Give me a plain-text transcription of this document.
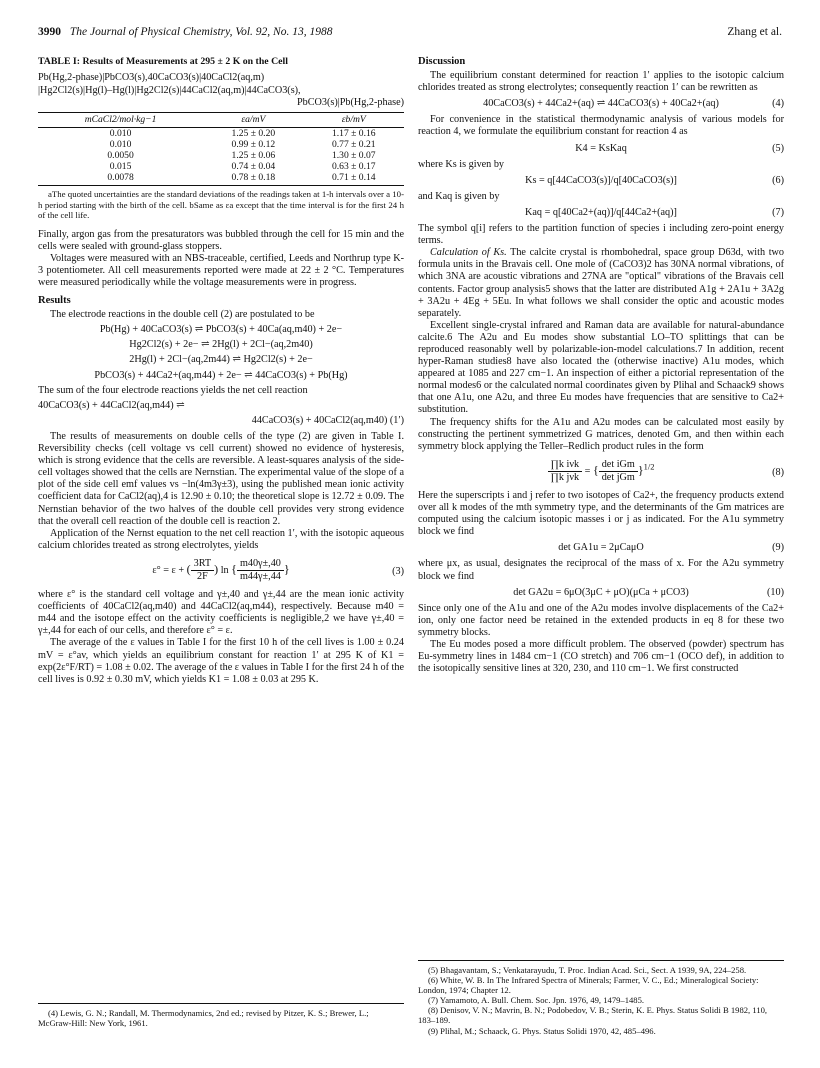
3990 The Journal of Physical Chemistry, Vol. 92, No. 13, 1988	Zhang et al.
TABLE I: Results of Measurements at 295 ± 2 K on the Cell
Pb(Hg,2-phase)|PbCO3(s),40CaCO3(s)|40CaCl2(aq,m)
|Hg2Cl2(s)|Hg(l)–Hg(l)|Hg2Cl2(s)|44CaCl2(aq,m)|44CaCO3(s),
PbCO3(s)|Pb(Hg,2-phase)
mCaCl2/mol·kg−1	εa/mV	εb/mV
0.010	1.25 ± 0.20	1.17 ± 0.16
0.010	0.99 ± 0.12	0.77 ± 0.21
0.0050	1.25 ± 0.06	1.30 ± 0.07
0.015	0.74 ± 0.04	0.63 ± 0.17
0.0078	0.78 ± 0.18	0.71 ± 0.14
aThe quoted uncertainties are the standard deviations of the readings taken at 1-h intervals over a 10-h period starting with the birth of the cell. bSame as εa except that the time interval is for the first 24 h of the cell life.

Finally, argon gas from the presaturators was bubbled through the cell for 15 min and the cells were sealed with ground-glass stoppers.

Voltages were measured with an NBS-traceable, certified, Leeds and Northrup type K-3 potentiometer. All cell measurements reported were made at 22 ± 2 °C. Temperatures were measured periodically while the voltage measurements were in progress.

Results

The electrode reactions in the double cell (2) are postulated to be

Pb(Hg) + 40CaCO3(s) ⇌ PbCO3(s) + 40Ca(aq,m40) + 2e−
Hg2Cl2(s) + 2e− ⇌ 2Hg(l) + 2Cl−(aq,2m40)
2Hg(l) + 2Cl−(aq,2m44) ⇌ Hg2Cl2(s) + 2e−
PbCO3(s) + 44Ca2+(aq,m44) + 2e− ⇌ 44CaCO3(s) + Pb(Hg)

The sum of the four electrode reactions yields the net cell reaction

40CaCO3(s) + 44CaCl2(aq,m44) ⇌
44CaCO3(s) + 40CaCl2(aq,m40) (1′)

The results of measurements on double cells of the type (2) are given in Table I. Reversibility checks (cell voltage vs cell current) showed no evidence of hysteresis, which is strong evidence that the cells are reversible. A least-squares analysis of the side-cell voltages showed that the cells are Nernstian. The experimental value of the slope of a plot of the side cell emf values vs −ln(4m3γ±3), using the published mean ionic activity coefficient data for CaCl2(aq),4 is 12.90 ± 0.10; the theoretical slope is 12.72 ± 0.09. The Nernstian behavior of the two halves of the double cell provides very strong evidence that the overall cell reaction of the double cell is reaction 2.

Application of the Nernst equation to the net cell reaction 1′, with the isotopic aqueous calcium chlorides treated as strong electrolytes, yields

ε° = ε + ( $\frac{3RT}{2F}$ ) ln { $\frac{m40\gamma\pm,40}{m44\gamma\pm,44}$ }	(3)

where ε° is the standard cell voltage and γ±,40 and γ±,44 are the mean ionic activity coefficients of 40CaCl2(aq,m40) and 44CaCl2(aq,m44), respectively. Because m40 = m44 and the isotope effect on the activity coefficients is negligible,2 we have γ±,40 = γ±,44 for each of our cells, and therefore ε° = ε.

The average of the ε values in Table I for the first 10 h of the cell lives is 1.00 ± 0.24 mV = ε°av, which yields an equilibrium constant for reaction 1′ at 295 K of K1 = exp(2ε°F/RT) = 1.08 ± 0.02. The average of the ε values in Table I for the first 24 h of the cell lives is 0.92 ± 0.30 mV, which yields K1 = 1.08 ± 0.03 at 295 K.

(4) Lewis, G. N.; Randall, M. Thermodynamics, 2nd ed.; revised by Pitzer, K. S.; Brewer, L.; McGraw-Hill: New York, 1961.
Discussion

The equilibrium constant determined for reaction 1′ applies to the isotopic calcium chlorides treated as strong electrolytes; consequently reaction 1′ can be rewritten as

40CaCO3(s) + 44Ca2+(aq) ⇌ 44CaCO3(s) + 40Ca2+(aq)	(4)

For convenience in the statistical thermodynamic analysis of various models for reaction 4, we formulate the equilibrium constant for reaction 4 as

K4 = KsKaq	(5)

where Ks is given by

Ks = q[44CaCO3(s)]/q[40CaCO3(s)]	(6)

and Kaq is given by

Kaq = q[40Ca2+(aq)]/q[44Ca2+(aq)]	(7)

The symbol q[i] refers to the partition function of species i including zero-point energy terms.

Calculation of Ks. The calcite crystal is rhombohedral, space group D63d, with two formula units in the Bravais cell. One mole of (CaCO3)2 has 30NA normal vibrations, of which 3NA are acoustic vibrations and 27NA are "optical" vibrations of the Bravais cell contents. Factor group analysis5 shows that the latter are distributed A1g + 2A1u + 3A2g + 3A2u + 4Eg + 5Eu. In what follows we shall consider the optic and acoustic modes separately.

Excellent single-crystal infrared and Raman data are available for natural-abundance calcite.6 The A2u and Eu modes show substantial LO–TO splittings that can be reproduced reasonably well by polarizable-ion-model calculations.7 In addition, recent hyper-Raman studies8 have also located the (otherwise inactive) A1u modes, which appeared at 1085 and 227 cm−1. An inspection of either a pictorial representation of the normal modes6 or the calculated normal coordinates given by Plihal and Schaack9 shows that one A1u, one A2u, and three Eu modes have frequencies that are sensitive to Ca2+ substitution.

The frequency shifts for the A1u and A2u modes can be calculated most easily by constructing the pertinent symmetrized G matrices, denoted Gm, and then within each symmetry block applying the Teller–Redlich product rules in the form

$\frac{\text{∏k iνk}}{\text{∏k jνk}}$ = { $\frac{\text{det iGm}}{\text{det jGm}} \}^{1/2}$
(8)

Here the superscripts i and j refer to two isotopes of Ca2+, the frequency products extend over all k modes of the mth symmetry type, and the determinants of the Gm matrices are computed using the calcium isotopic masses i or j as indicated. For the A1u symmetry block we find

det GA1u = 2μCaμO	(9)

where μx, as usual, designates the reciprocal of the mass of x. For the A2u symmetry block we find

det GA2u = 6μO(3μC + μO)(μCa + μCO3)	(10)

Since only one of the A1u and one of the A2u modes involve displacements of the Ca2+ ion, only one factor need be retained in the extended products in eq 8 for these two symmetry blocks.

The Eu modes posed a more difficult problem. The observed (powder) spectrum has Eu-symmetry lines in 1484 cm−1 (CO stretch) and 706 cm−1 (OCO def), in addition to the isotopically sensitive lines at 320, 230, and 110 cm−1. We first constructed

(5) Bhagavantam, S.; Venkatarayudu, T. Proc. Indian Acad. Sci., Sect. A 1939, 9A, 224–258.
(6) White, W. B. In The Infrared Spectra of Minerals; Farmer, V. C., Ed.; Mineralogical Society: London, 1974; Chapter 12.
(7) Yamamoto, A. Bull. Chem. Soc. Jpn. 1976, 49, 1479–1485.
(8) Denisov, V. N.; Mavrin, B. N.; Podobedov, V. B.; Sterin, K. E. Phys. Status Solidi B 1982, 110, 183–189.
(9) Plihal, M.; Schaack, G. Phys. Status Solidi 1970, 42, 485–496.
